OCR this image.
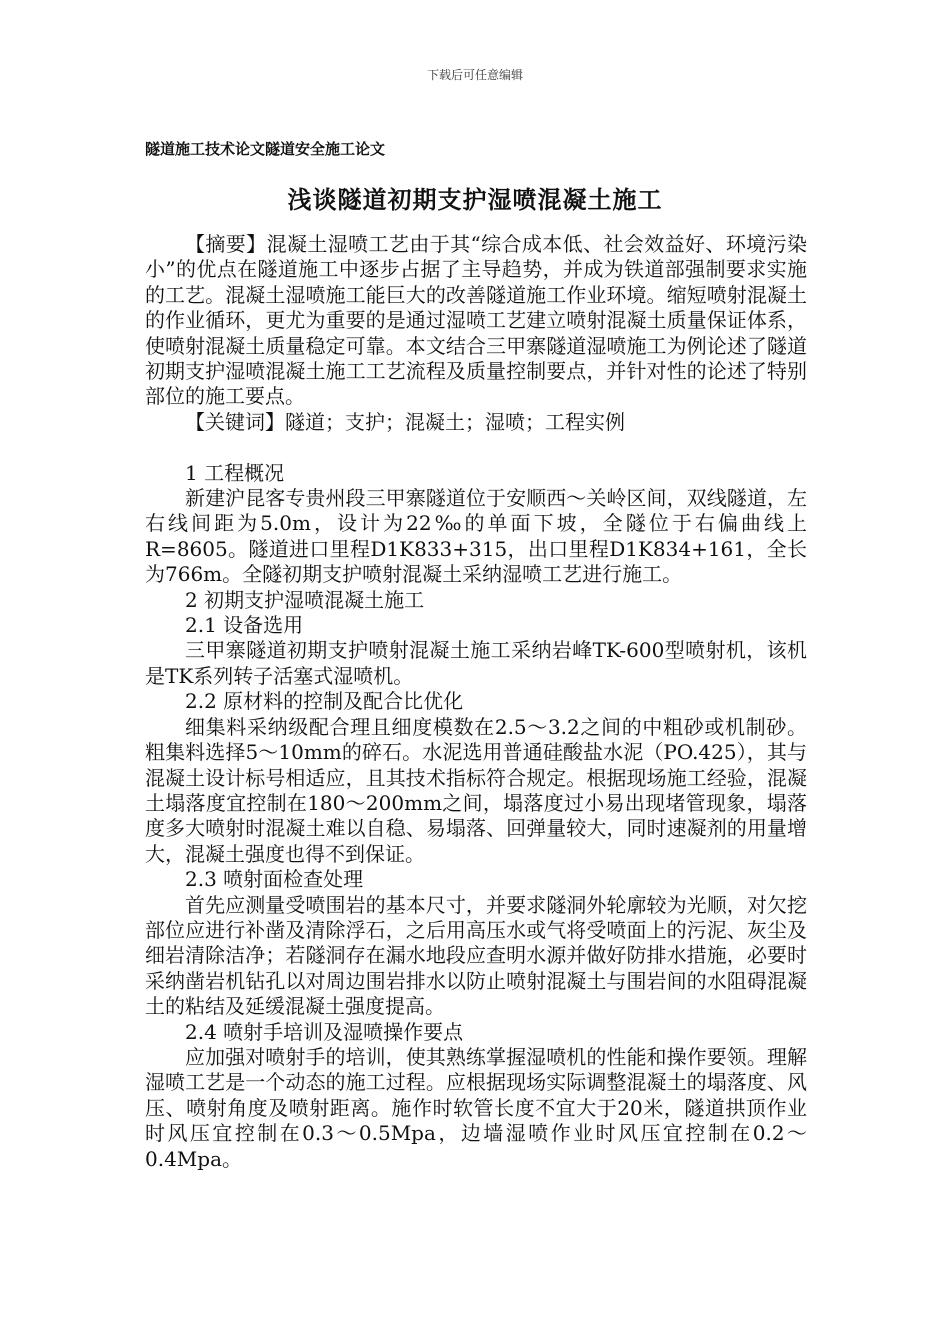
下载后可任意编辑
隧道施工技术论文隧道安全施工论文
浅谈隧道初期支护湿喷混凝土施工

【摘要】混凝土湿喷工艺由于其“综合成本低、社会效益好、环境污染小”的优点在隧道施工中逐步占据了主导趋势，并成为铁道部强制要求实施的工艺。混凝土湿喷施工能巨大的改善隧道施工作业环境。缩短喷射混凝土的作业循环，更尤为重要的是通过湿喷工艺建立喷射混凝土质量保证体系，使喷射混凝土质量稳定可靠。本文结合三甲寨隧道湿喷施工为例论述了隧道初期支护湿喷混凝土施工工艺流程及质量控制要点，并针对性的论述了特别部位的施工要点。

【关键词】隧道；支护；混凝土；湿喷；工程实例

1 工程概况

新建沪昆客专贵州段三甲寨隧道位于安顺西～关岭区间，双线隧道，左右线间距为5.0m，设计为22‰的单面下坡，全隧位于右偏曲线上R=8605。隧道进口里程D1K833+315，出口里程D1K834+161，全长为766m。全隧初期支护喷射混凝土采纳湿喷工艺进行施工。

2 初期支护湿喷混凝土施工

2.1 设备选用

三甲寨隧道初期支护喷射混凝土施工采纳岩峰TK-600型喷射机，该机是TK系列转子活塞式湿喷机。

2.2 原材料的控制及配合比优化

细集料采纳级配合理且细度模数在2.5～3.2之间的中粗砂或机制砂。粗集料选择5～10mm的碎石。水泥选用普通硅酸盐水泥（PO.425），其与混凝土设计标号相适应，且其技术指标符合规定。根据现场施工经验，混凝土塌落度宜控制在180～200mm之间，塌落度过小易出现堵管现象，塌落度多大喷射时混凝土难以自稳、易塌落、回弹量较大，同时速凝剂的用量增大，混凝土强度也得不到保证。

2.3 喷射面检查处理

首先应测量受喷围岩的基本尺寸，并要求隧洞外轮廓较为光顺，对欠挖部位应进行补凿及清除浮石，之后用高压水或气将受喷面上的污泥、灰尘及细岩清除洁净；若隧洞存在漏水地段应查明水源并做好防排水措施，必要时采纳凿岩机钻孔以对周边围岩排水以防止喷射混凝土与围岩间的水阻碍混凝土的粘结及延缓混凝土强度提高。

2.4 喷射手培训及湿喷操作要点

应加强对喷射手的培训，使其熟练掌握湿喷机的性能和操作要领。理解湿喷工艺是一个动态的施工过程。应根据现场实际调整混凝土的塌落度、风压、喷射角度及喷射距离。施作时软管长度不宜大于20米，隧道拱顶作业时风压宜控制在0.3～0.5Mpa，边墙湿喷作业时风压宜控制在0.2～0.4Mpa。
